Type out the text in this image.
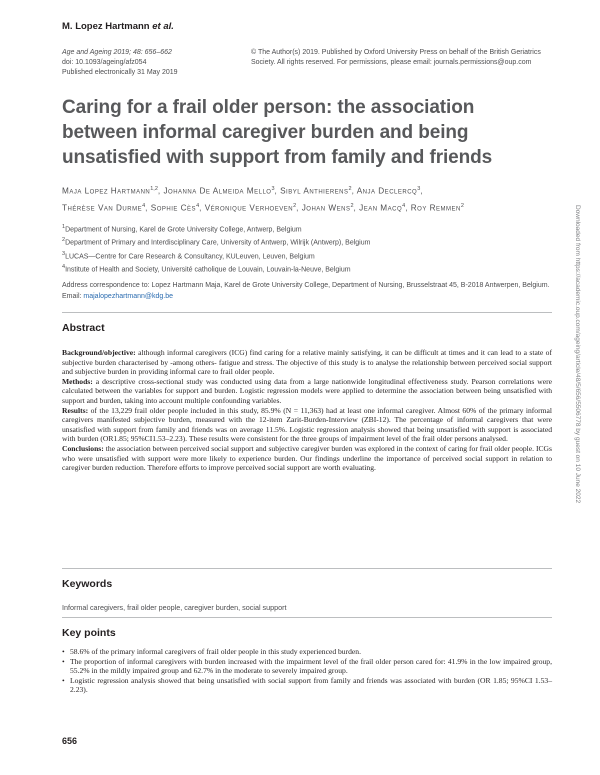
M. Lopez Hartmann et al.
Age and Ageing 2019; 48: 656–662
doi: 10.1093/ageing/afz054
Published electronically 31 May 2019
© The Author(s) 2019. Published by Oxford University Press on behalf of the British Geriatrics Society. All rights reserved. For permissions, please email: journals.permissions@oup.com
Caring for a frail older person: the association between informal caregiver burden and being unsatisfied with support from family and friends
Maja Lopez Hartmann$^{1,2}$, Johanna De Almeida Mello$^3$, Sibyl Anthierens$^2$, Anja Declercq$^3$,
Thérèse Van Durme$^4$, Sophie Cès$^4$, Véronique Verhoeven$^2$, Johan Wens$^2$, Jean Macq$^4$, Roy Remmen$^2$
$^1$Department of Nursing, Karel de Grote University College, Antwerp, Belgium
$^2$Department of Primary and Interdisciplinary Care, University of Antwerp, Wilrijk (Antwerp), Belgium
$^3$LUCAS—Centre for Care Research & Consultancy, KULeuven, Leuven, Belgium
$^4$Institute of Health and Society, Université catholique de Louvain, Louvain-la-Neuve, Belgium
Address correspondence to: Lopez Hartmann Maja, Karel de Grote University College, Department of Nursing, Brusselstraat 45, B-2018 Antwerpen, Belgium. Email: majalopezhartmann@kdg.be
Abstract

Background/objective: although informal caregivers (ICG) find caring for a relative mainly satisfying, it can be difficult at times and it can lead to a state of subjective burden characterised by -among others- fatigue and stress. The objective of this study is to analyse the relationship between perceived social support and subjective burden in providing informal care to frail older people.

Methods: a descriptive cross-sectional study was conducted using data from a large nationwide longitudinal effectiveness study. Pearson correlations were calculated between the variables for support and burden. Logistic regression models were applied to determine the association between being unsatisfied with support and burden, taking into account multiple confounding variables.

Results: of the 13,229 frail older people included in this study, 85.9% (N = 11,363) had at least one informal caregiver. Almost 60% of the primary informal caregivers manifested subjective burden, measured with the 12-item Zarit-Burden-Interview (ZBI-12). The percentage of informal caregivers that were unsatisfied with support from family and friends was on average 11.5%. Logistic regression analysis showed that being unsatisfied with support is associated with burden (OR1.85; 95%CI1.53–2.23). These results were consistent for the three groups of impairment level of the frail older persons analysed.

Conclusions: the association between perceived social support and subjective caregiver burden was explored in the context of caring for frail older people. ICGs who were unsatisfied with support were more likely to experience burden. Our findings underline the importance of perceived social support in relation to caregiver burden reduction. Therefore efforts to improve perceived social support are worth evaluating.

Keywords
Informal caregivers, frail older people, caregiver burden, social support
Key points
• 58.6% of the primary informal caregivers of frail older people in this study experienced burden.
• The proportion of informal caregivers with burden increased with the impairment level of the frail older person cared for: 41.9% in the low impaired group, 55.2% in the mildly impaired group and 62.7% in the moderate to severely impaired group.
• Logistic regression analysis showed that being unsatisfied with social support from family and friends was associated with burden (OR 1.85; 95%CI 1.53–2.23).
656
Downloaded from https://academic.oup.com/ageing/article/48/5/656/5506778 by guest on 10 June 2022
